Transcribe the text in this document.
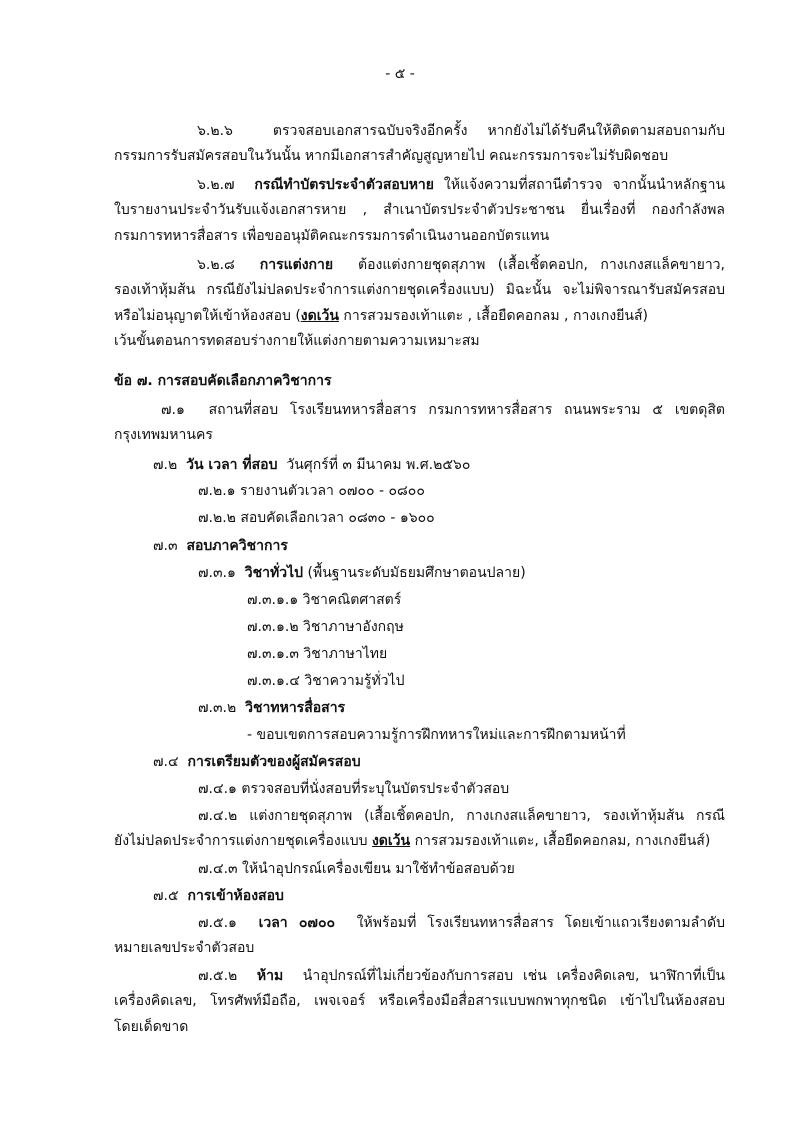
- ๕ -
๖.๒.๖	ตรวจสอบเอกสารฉบับจริงอีกครั้ง หากยังไม่ได้รับคืนให้ติดตามสอบถามกับ
กรรมการรับสมัครสอบในวันนั้น หากมีเอกสารสำคัญสูญหายไป คณะกรรมการจะไม่รับผิดชอบ
๖.๒.๗ กรณีทำบัตรประจำตัวสอบหาย ให้แจ้งความที่สถานีตำรวจ จากนั้นนำหลักฐาน
ใบรายงานประจำวันรับแจ้งเอกสารหาย , สำเนาบัตรประจำตัวประชาชน ยื่นเรื่องที่ กองกำลังพล
กรมการทหารสื่อสาร เพื่อขออนุมัติคณะกรรมการดำเนินงานออกบัตรแทน
๖.๒.๘ การแต่งกาย ต้องแต่งกายชุดสุภาพ (เสื้อเชิ้ตคอปก, กางเกงสแล็คขายาว,
รองเท้าหุ้มส้น กรณียังไม่ปลดประจำการแต่งกายชุดเครื่องแบบ) มิฉะนั้น จะไม่พิจารณารับสมัครสอบ
หรือไม่อนุญาตให้เข้าห้องสอบ (งดเว้น การสวมรองเท้าแตะ , เสื้อยืดคอกลม , กางเกงยีนส์)
เว้นขั้นตอนการทดสอบร่างกายให้แต่งกายตามความเหมาะสม
ข้อ ๗. การสอบคัดเลือกภาควิชาการ
๗.๑ สถานที่สอบ โรงเรียนทหารสื่อสาร กรมการทหารสื่อสาร ถนนพระราม ๕ เขตดุสิต
กรุงเทพมหานคร
๗.๒ วัน เวลา ที่สอบ วันศุกร์ที่ ๓ มีนาคม พ.ศ.๒๕๖๐
๗.๒.๑ รายงานตัวเวลา ๐๗๐๐ - ๐๘๐๐
๗.๒.๒ สอบคัดเลือกเวลา ๐๘๓๐ - ๑๖๐๐
๗.๓ สอบภาควิชาการ
๗.๓.๑ วิชาทั่วไป (พื้นฐานระดับมัธยมศึกษาตอนปลาย)
๗.๓.๑.๑ วิชาคณิตศาสตร์
๗.๓.๑.๒ วิชาภาษาอังกฤษ
๗.๓.๑.๓ วิชาภาษาไทย
๗.๓.๑.๔ วิชาความรู้ทั่วไป
๗.๓.๒ วิชาทหารสื่อสาร
- ขอบเขตการสอบความรู้การฝึกทหารใหม่และการฝึกตามหน้าที่
๗.๔ การเตรียมตัวของผู้สมัครสอบ
๗.๔.๑ ตรวจสอบที่นั่งสอบที่ระบุในบัตรประจำตัวสอบ
๗.๔.๒ แต่งกายชุดสุภาพ (เสื้อเชิ้ตคอปก, กางเกงสแล็คขายาว, รองเท้าหุ้มส้น กรณี
ยังไม่ปลดประจำการแต่งกายชุดเครื่องแบบ งดเว้น การสวมรองเท้าแตะ, เสื้อยืดคอกลม, กางเกงยีนส์)
๗.๔.๓ ให้นำอุปกรณ์เครื่องเขียน มาใช้ทำข้อสอบด้วย
๗.๕ การเข้าห้องสอบ
๗.๕.๑ เวลา ๐๗๐๐ ให้พร้อมที่ โรงเรียนทหารสื่อสาร โดยเข้าแถวเรียงตามลำดับ
หมายเลขประจำตัวสอบ
๗.๕.๒ ห้าม นำอุปกรณ์ที่ไม่เกี่ยวข้องกับการสอบ เช่น เครื่องคิดเลข, นาฬิกาที่เป็น
เครื่องคิดเลข, โทรศัพท์มือถือ, เพจเจอร์ หรือเครื่องมือสื่อสารแบบพกพาทุกชนิด เข้าไปในห้องสอบ
โดยเด็ดขาด
